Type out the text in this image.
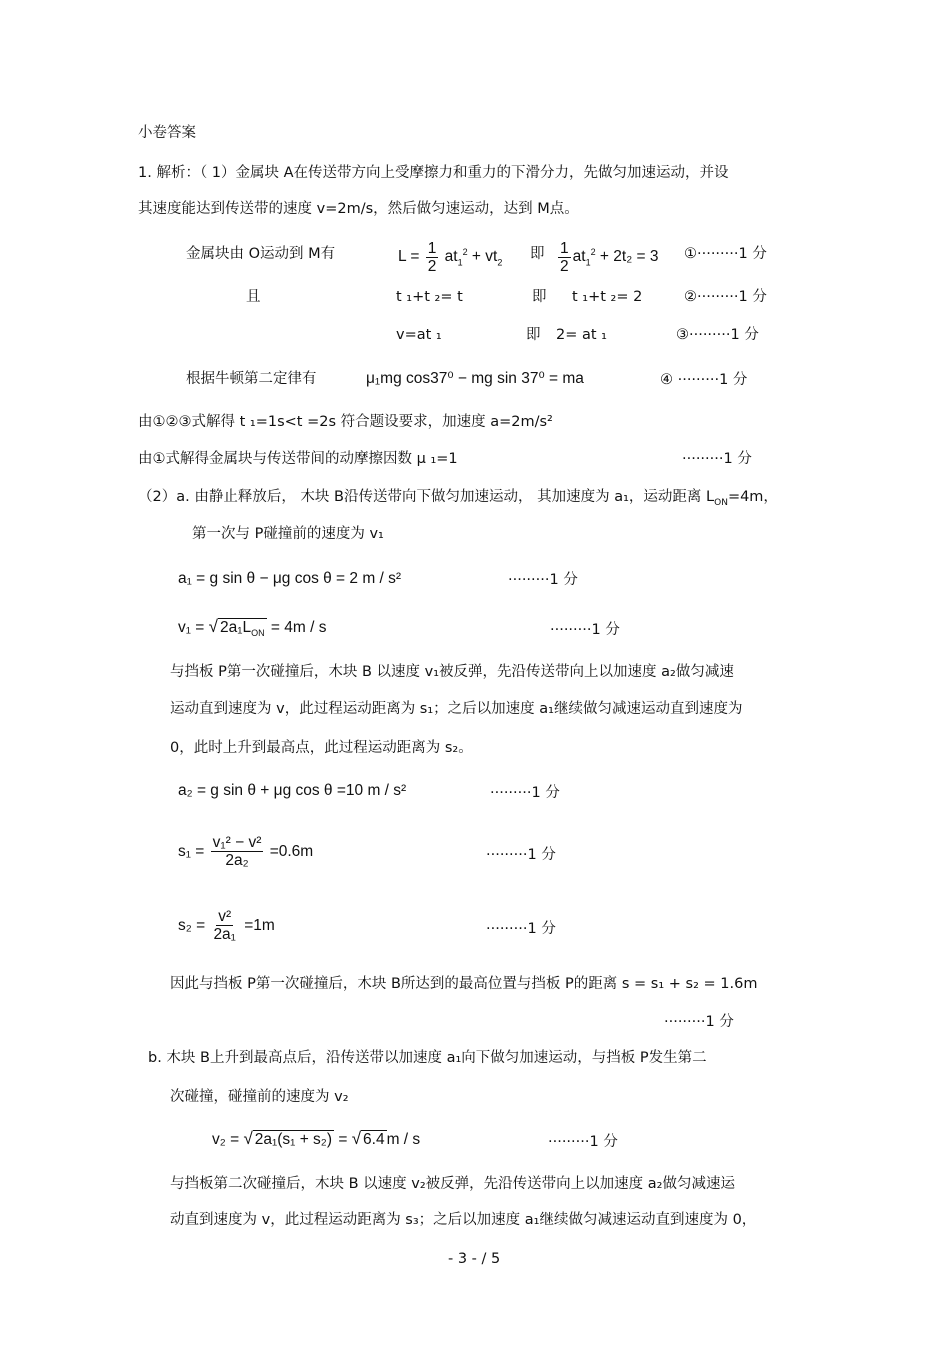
小卷答案
1. 解析：（ 1）金属块 A在传送带方向上受摩擦力和重力的下滑分力，先做匀加速运动，并设
其速度能达到传送带的速度 v=2m/s，然后做匀速运动，达到 M点。
金属块由 O运动到 M有	$L = \frac{1}{2} at_1^2 + vt_2$
即 $\frac{1}{2} at_1^2 + 2t_2 = 3$ ①·········1 分
且	t ₁+t ₂= t	即 t ₁+t ₂= 2	②·········1 分
v=at ₁	即 2= at ₁	③·········1 分
根据牛顿第二定律有	μ₁mg cos37⁰ − mg sin 37⁰ = ma	④ ·········1 分
由①②③式解得 t ₁=1s<t =2s 符合题设要求，加速度 a=2m/s²
由①式解得金属块与传送带间的动摩擦因数 μ ₁=1	·········1 分
（2）a. 由静止释放后， 木块 B沿传送带向下做匀加速运动， 其加速度为 a₁，运动距离 $L_{ON}=4m$，
第一次与 P碰撞前的速度为 v₁
a₁ = g sin θ − μg cos θ = 2 m / s²	·········1 分
v₁ = √ $2a_1L_{ON} = 4m / s$	·········1 分
与挡板 P第一次碰撞后，木块 B 以速度 v₁被反弹，先沿传送带向上以加速度 a₂做匀减速
运动直到速度为 v，此过程运动距离为 s₁；之后以加速度 a₁继续做匀减速运动直到速度为
0，此时上升到最高点，此过程运动距离为 s₂。
a₂ = g sin θ + μg cos θ =10 m / s²	·········1 分
$s_1 = \frac{\text{v₁² − v²}}{\text{2a₂}} =0.6m$	·········1 分
$s_2 = \frac{\text{v²}}{\text{2a₁}} =1m$	·········1 分
因此与挡板 P第一次碰撞后，木块 B所达到的最高位置与挡板 P的距离 s = s₁ + s₂ = 1.6m
·········1 分
b. 木块 B上升到最高点后，沿传送带以加速度 a₁向下做匀加速运动，与挡板 P发生第二
次碰撞，碰撞前的速度为 v₂
v₂ = √ 2a₁(s₁ + s₂) = √ 6.4 m / s	·········1 分
与挡板第二次碰撞后，木块 B 以速度 v₂被反弹，先沿传送带向上以加速度 a₂做匀减速运
动直到速度为 v，此过程运动距离为 s₃；之后以加速度 a₁继续做匀减速运动直到速度为 0，
- 3 - / 5
